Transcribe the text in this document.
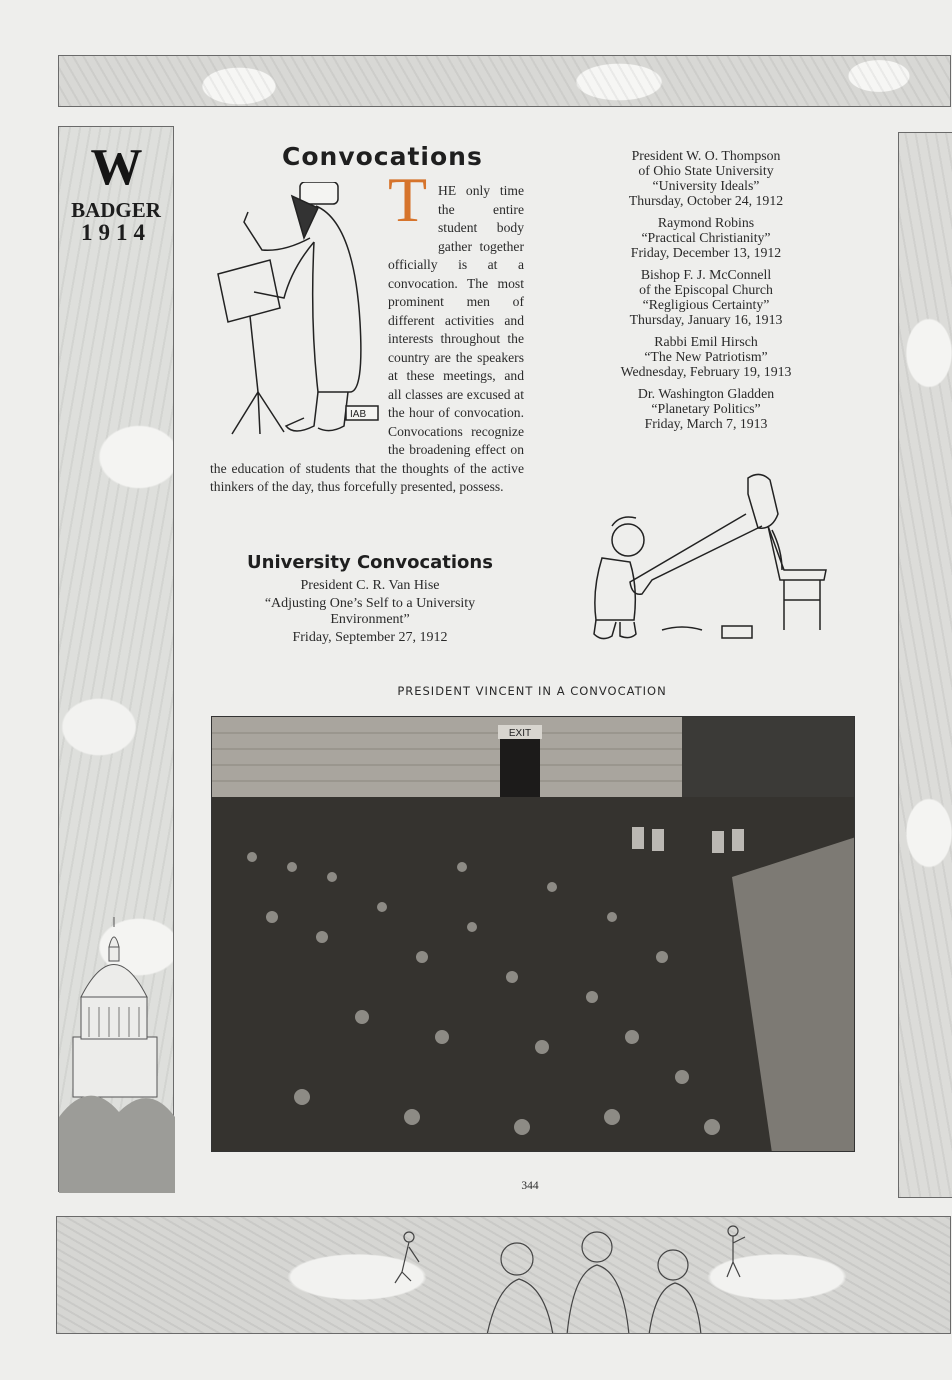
W
BADGER
1914
Convocations
IAB
T HE only time the entire student body gather together officially is at a convocation. The most prominent men of different activities and interests throughout the country are the speakers at these meetings, and all classes are excused at the hour of convocation. Convocations recognize the broadening effect on the education of students that the thoughts of the active thinkers of the day, thus forcefully presented, possess.
University Convocations
President C. R. Van Hise
“Adjusting One’s Self to a University Environment”
Friday, September 27, 1912
President W. O. Thompson
of Ohio State University
“University Ideals”
Thursday, October 24, 1912
Raymond Robins
“Practical Christianity”
Friday, December 13, 1912
Bishop F. J. McConnell
of the Episcopal Church
“Regligious Certainty”
Thursday, January 16, 1913
Rabbi Emil Hirsch
“The New Patriotism”
Wednesday, February 19, 1913
Dr. Washington Gladden
“Planetary Politics”
Friday, March 7, 1913
PRESIDENT VINCENT IN A CONVOCATION
EXIT
344
